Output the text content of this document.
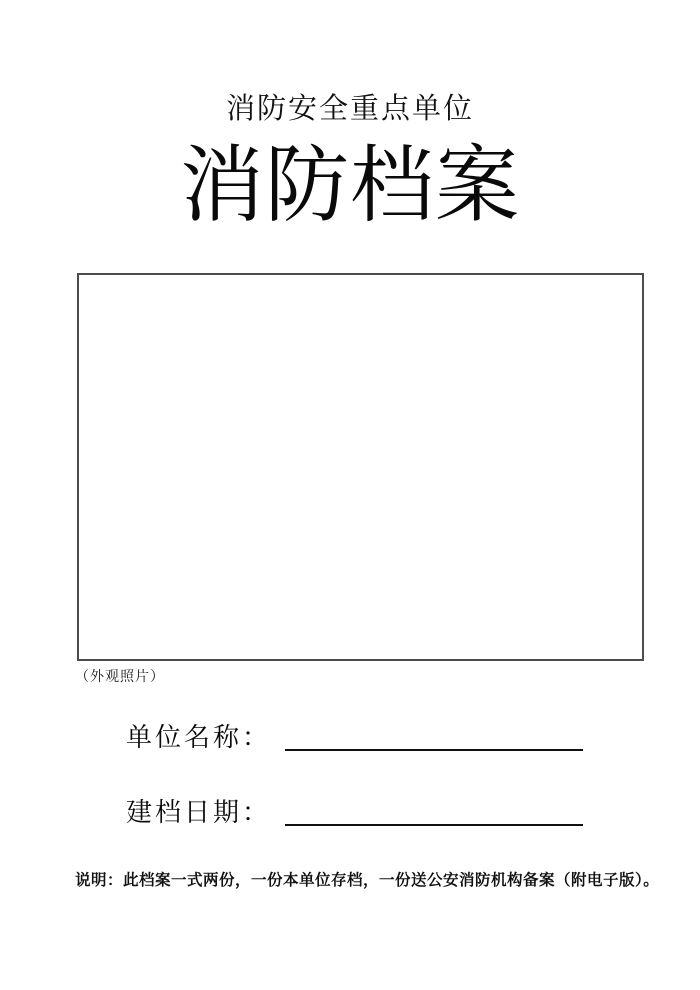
消防安全重点单位
消防档案
（外观照片）
单位名称：
建档日期：
说明：此档案一式两份，一份本单位存档，一份送公安消防机构备案（附电子版）。
